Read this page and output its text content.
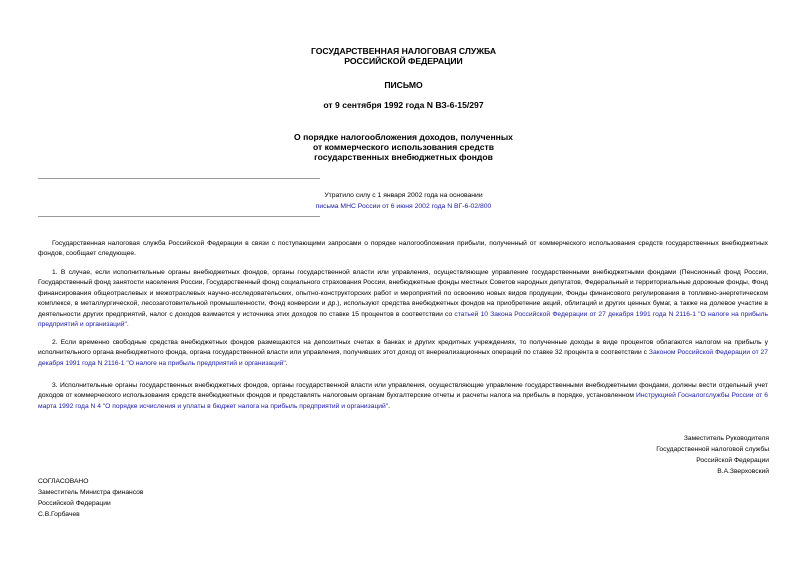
ГОСУДАРСТВЕННАЯ НАЛОГОВАЯ СЛУЖБА
РОССИЙСКОЙ ФЕДЕРАЦИИ
ПИСЬМО
от 9 сентября 1992 года N ВЗ-6-15/297
О порядке налогообложения доходов, полученных
от коммерческого использования средств
государственных внебюджетных фондов
Утратило силу с 1 января 2002 года на основании
письма МНС России от 6 июня 2002 года N ВГ-6-02/800

Государственная налоговая служба Российской Федерации в связи с поступающими запросами о порядке налогообложения прибыли, полученный от коммерческого использования средств государственных внебюджетных фондов, сообщает следующее.

1. В случае, если исполнительные органы внебюджетных фондов, органы государственной власти или управления, осуществляющие управление государственными внебюджетными фондами (Пенсионный фонд России, Государственный фонд занятости населения России, Государственный фонд социального страхования России, внебюджетные фонды местных Советов народных депутатов, Федеральный и территориальные дорожные фонды, Фонд финансирования общеотраслевых и межотраслевых научно-исследовательских, опытно-конструкторских работ и мероприятий по освоению новых видов продукции, Фонды финансового регулирования в топливно-энергетическом комплексе, в металлургической, лесозаготовительной промышленности, Фонд конверсии и др.), используют средства внебюджетных фондов на приобретение акций, облигаций и других ценных бумаг, а также на долевое участие в деятельности других предприятий, налог с доходов взимается у источника этих доходов по ставке 15 процентов в соответствии со статьей 10 Закона Российской Федерации от 27 декабря 1991 года N 2116-1 "О налоге на прибыль предприятий и организаций".

2. Если временно свободные средства внебюджетных фондов размещаются на депозитных счетах в банках и других кредитных учреждениях, то полученные доходы в виде процентов облагаются налогом на прибыль у исполнительного органа внебюджетного фонда, органа государственной власти или управления, получивших этот доход от внереализационных операций по ставке 32 процента в соответствии с Законом Российской Федерации от 27 декабря 1991 года N 2116-1 "О налоге на прибыль предприятий и организаций".

3. Исполнительные органы государственных внебюджетных фондов, органы государственной власти или управления, осуществляющие управление государственными внебюджетными фондами, должны вести отдельный учет доходов от коммерческого использования средств внебюджетных фондов и представлять налоговым органам бухгалтерские отчеты и расчеты налога на прибыль в порядке, установленном Инструкцией Госналогслужбы России от 6 марта 1992 года N 4 "О порядке исчисления и уплаты в бюджет налога на прибыль предприятий и организаций".

Заместитель Руководителя
Государственной налоговой службы
Российской Федерации
В.А.Зверховский
СОГЛАСОВАНО
Заместитель Министра финансов
Российской Федерации
С.В.Горбачев
